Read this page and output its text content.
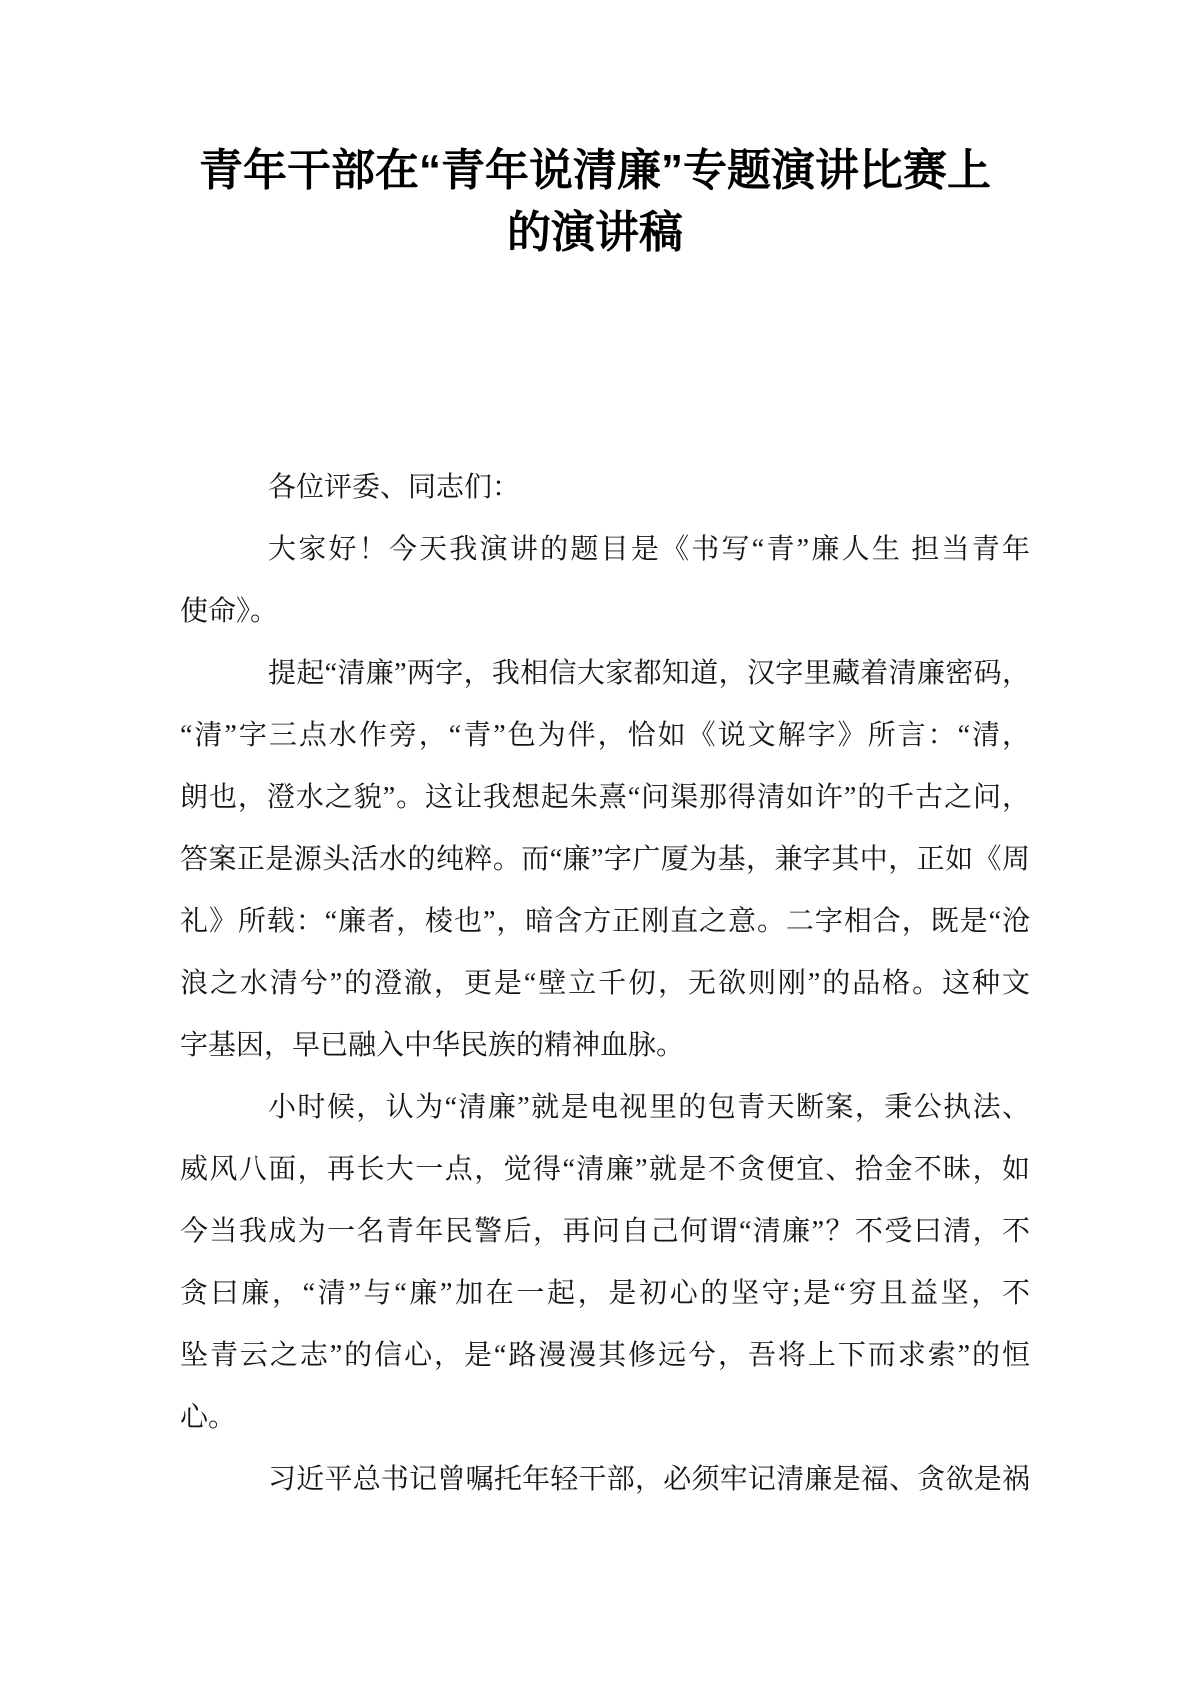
青年干部在“青年说清廉”专题演讲比赛上
的演讲稿
各位评委、同志们：
大家好！今天我演讲的题目是《书写“青”廉人生 担当青年
使命》。
提起“清廉”两字，我相信大家都知道，汉字里藏着清廉密码，
“清”字三点水作旁，“青”色为伴，恰如《说文解字》所言：“清，
朗也，澄水之貌”。这让我想起朱熹“问渠那得清如许”的千古之问，
答案正是源头活水的纯粹。而“廉”字广厦为基，兼字其中，正如《周
礼》所载：“廉者，棱也”，暗含方正刚直之意。二字相合，既是“沧
浪之水清兮”的澄澈，更是“壁立千仞，无欲则刚”的品格。这种文
字基因，早已融入中华民族的精神血脉。
小时候，认为“清廉”就是电视里的包青天断案，秉公执法、
威风八面，再长大一点，觉得“清廉”就是不贪便宜、拾金不昧，如
今当我成为一名青年民警后，再问自己何谓“清廉”？不受曰清，不
贪曰廉，“清”与“廉”加在一起，是初心的坚守;是“穷且益坚，不
坠青云之志”的信心，是“路漫漫其修远兮，吾将上下而求索”的恒
心。
习近平总书记曾嘱托年轻干部，必须牢记清廉是福、贪欲是祸
